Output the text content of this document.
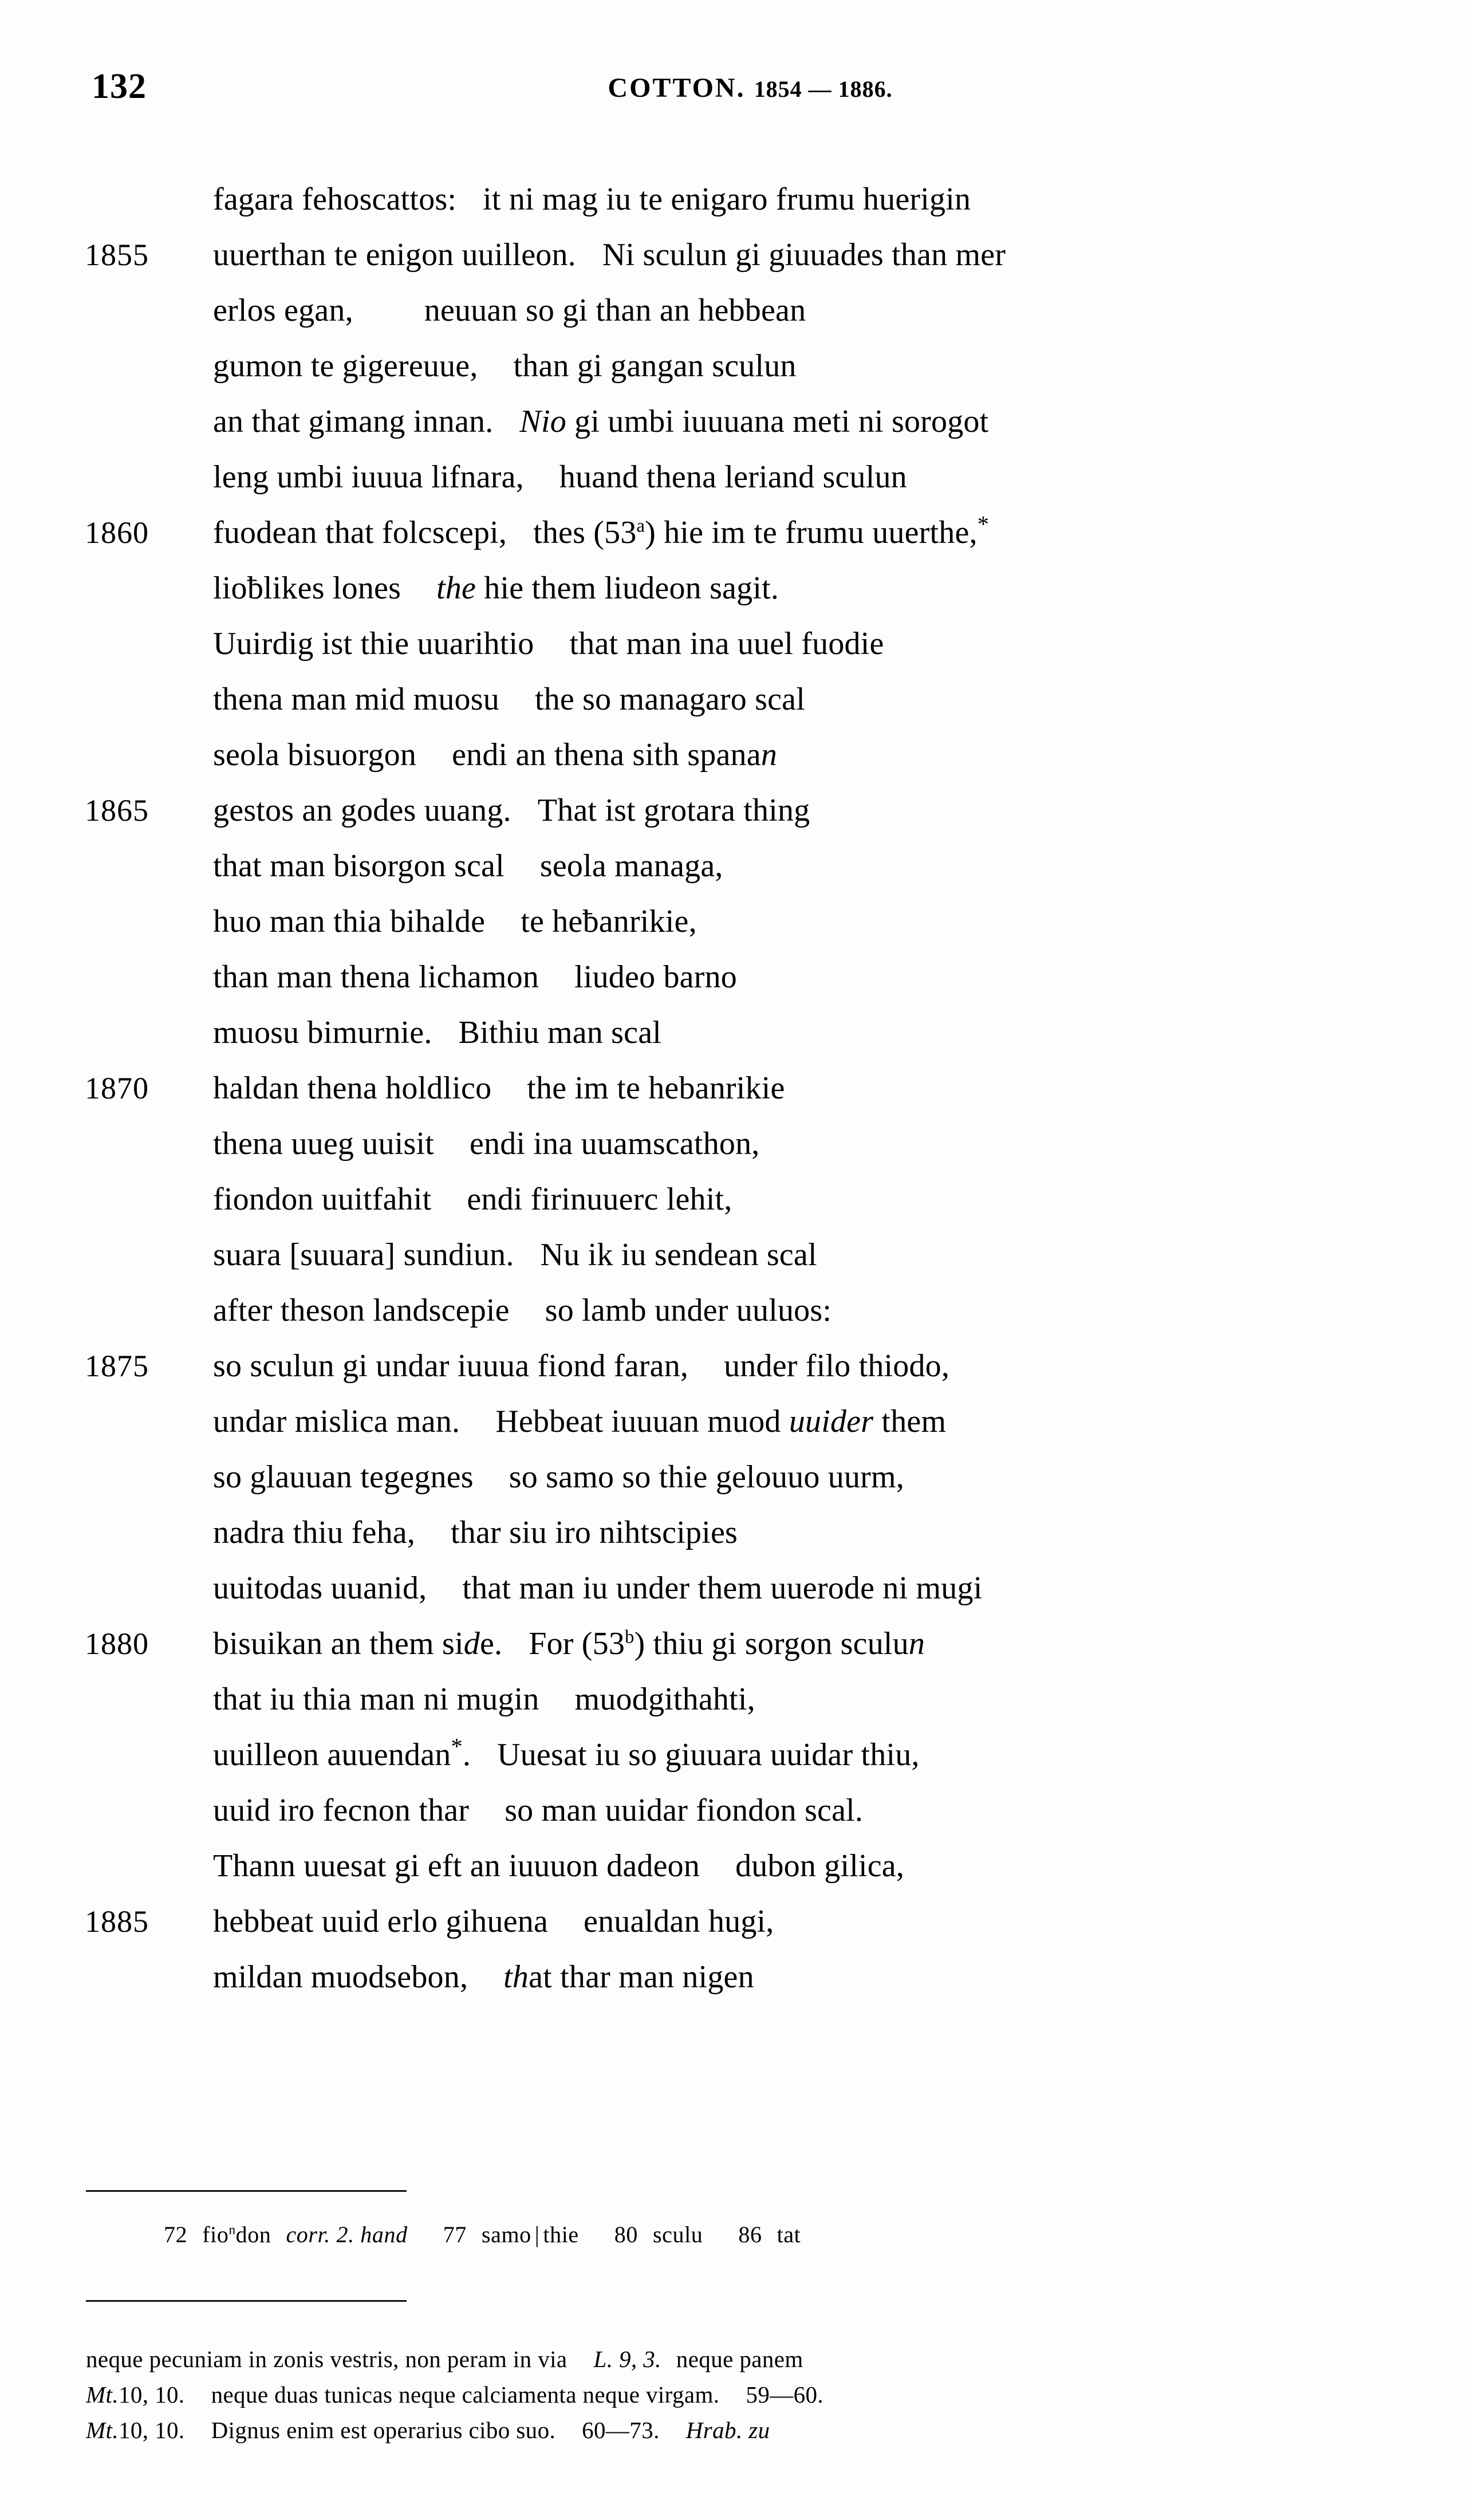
132	COTTON. 1854 — 1886.
fagara fehoscattos: it ni mag iu te enigaro frumu huerigin
1855	uuerthan te enigon uuilleon. Ni sculun gi giuuades than mer
erlos egan, neuuan so gi than an hebbean
gumon te gigereuue, than gi gangan sculun
an that gimang innan. Nio gi umbi iuuuana meti ni sorogot
leng umbi iuuua lifnara, huand thena leriand sculun
1860	fuodean that folcscepi, thes (53$^a$) hie im te frumu uuerthe,*
lioƀlikes lones the hie them liudeon sagit.
Uuirdig ist thie uuarihtio that man ina uuel fuodie
thena man mid muosu the so managaro scal
seola bisuorgon endi an thena sith spanan
1865	gestos an godes uuang. That ist grotara thing
that man bisorgon scal seola managa,
huo man thia bihalde te heƀanrikie,
than man thena lichamon liudeo barno
muosu bimurnie. Bithiu man scal
1870	haldan thena holdlico the im te hebanrikie
thena uueg uuisit endi ina uuamscathon,
fiondon uuitfahit endi firinuuerc lehit,
suara [suuara] sundiun. Nu ik iu sendean scal
after theson landscepie so lamb under uuluos:
1875	so sculun gi undar iuuua fiond faran, under filo thiodo,
undar mislica man. Hebbeat iuuuan muod uuider them
so glauuan tegegnes so samo so thie gelouuo uurm,
nadra thiu feha, thar siu iro nihtscipies
uuitodas uuanid, that man iu under them uuerode ni mugi
1880	bisuikan an them side. For (53$^b$) thiu gi sorgon sculun
that iu thia man ni mugin muodgithahti,
uuilleon auuendan*. Uuesat iu so giuuara uuidar thiu,
uuid iro fecnon thar so man uuidar fiondon scal.
Thann uuesat gi eft an iuuuon dadeon dubon gilica,
1885	hebbeat uuid erlo gihuena enualdan hugi,
mildan muodsebon, that thar man nigen
72 fio$^n$don corr. 2. hand 77 samo | thie 80 sculu 86 tat
neque pecuniam in zonis vestris, non peram in via L. 9, 3. neque panem
Mt.10, 10. neque duas tunicas neque calciamenta neque virgam. 59—60.
Mt.10, 10. Dignus enim est operarius cibo suo. 60—73. Hrab. zu
